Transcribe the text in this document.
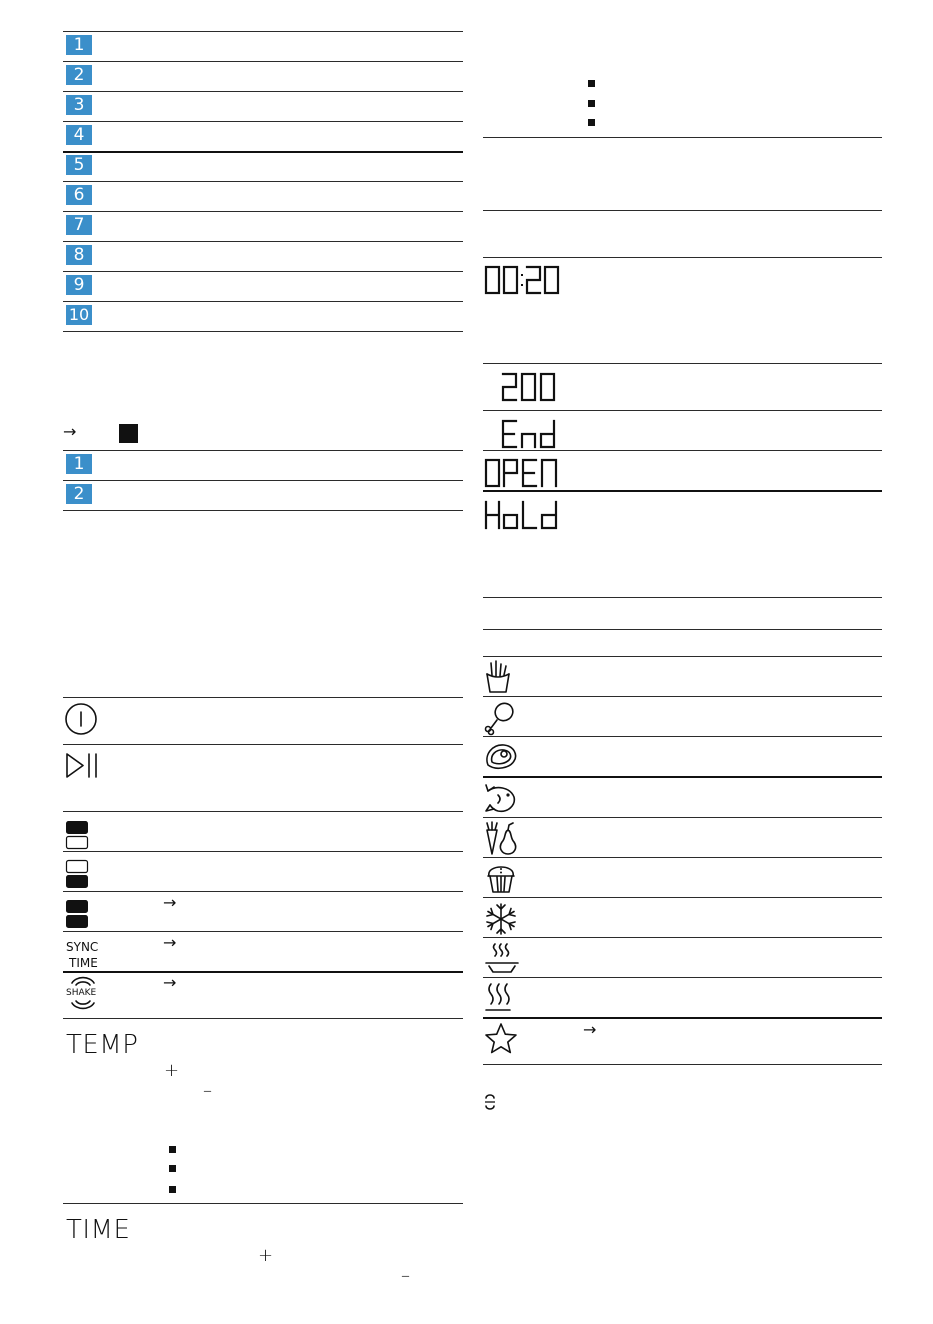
1
2
3
4
5
6
7
8
9
10
→
1
2
→
SYNC
TIME
→
SHAKE
→
TEMP
+
–
TIME
+
–
→
